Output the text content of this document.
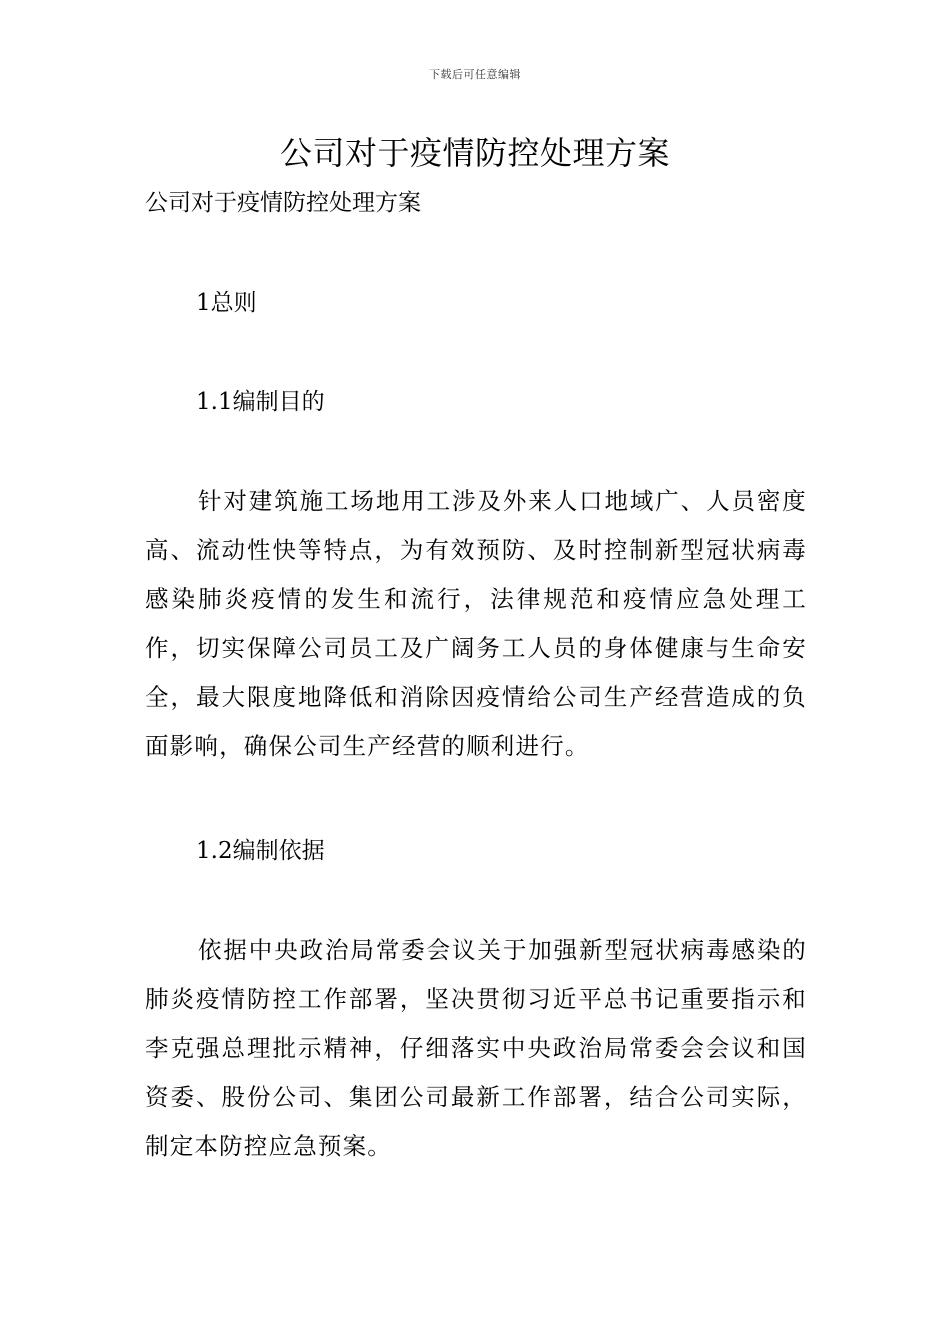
下载后可任意编辑
公司对于疫情防控处理方案
公司对于疫情防控处理方案
1总则
1.1编制目的
针对建筑施工场地用工涉及外来人口地域广、人员密度高、流动性快等特点，为有效预防、及时控制新型冠状病毒感染肺炎疫情的发生和流行，法律规范和疫情应急处理工作，切实保障公司员工及广阔务工人员的身体健康与生命安全，最大限度地降低和消除因疫情给公司生产经营造成的负面影响，确保公司生产经营的顺利进行。
1.2编制依据
依据中央政治局常委会议关于加强新型冠状病毒感染的肺炎疫情防控工作部署，坚决贯彻习近平总书记重要指示和李克强总理批示精神，仔细落实中央政治局常委会会议和国资委、股份公司、集团公司最新工作部署，结合公司实际，制定本防控应急预案。
